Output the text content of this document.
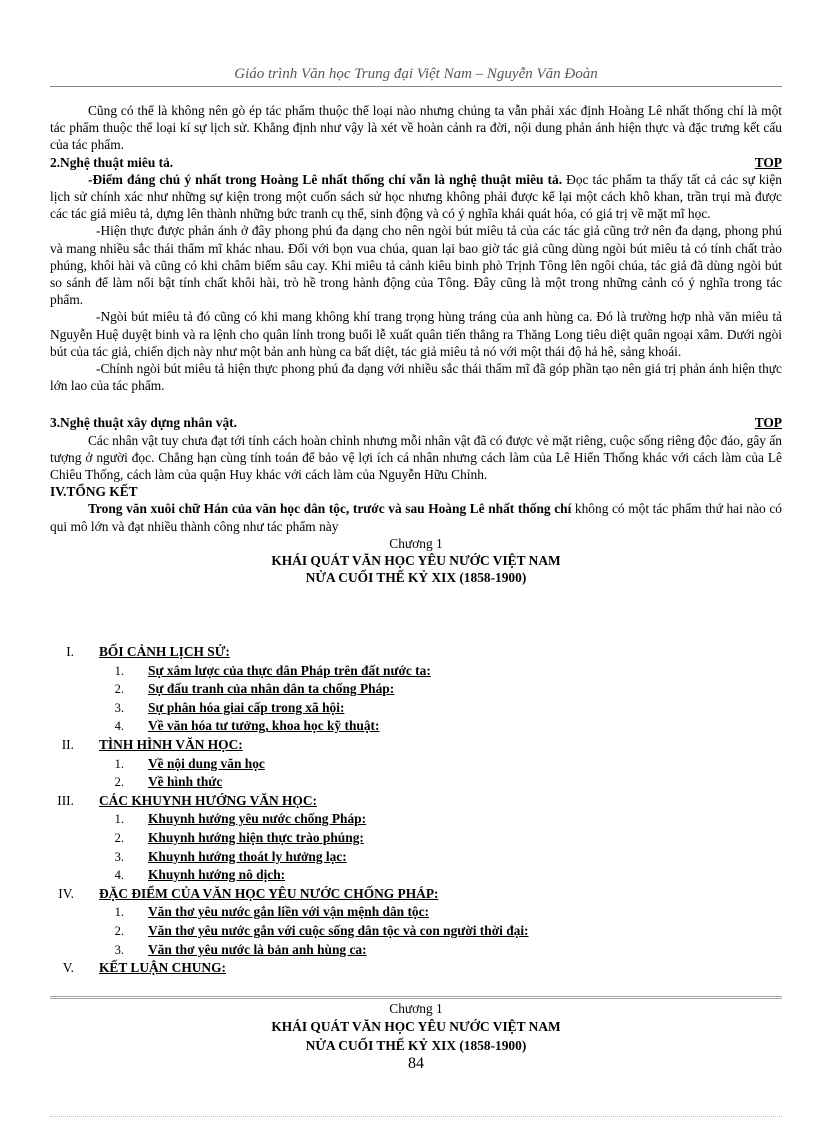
Giáo trình Văn học Trung đại Việt Nam – Nguyễn Văn Đoàn

Cũng có thể là không nên gò ép tác phẩm thuộc thể loại nào nhưng chúng ta vẫn phải xác định Hoàng Lê nhất thống chí là một tác phẩm thuộc thể loại kí sự lịch sử. Khẳng định như vậy là xét về hoàn cảnh ra đời, nội dung phản ánh hiện thực và đặc trưng kết cấu của tác phẩm.

2.Nghệ thuật miêu tả.	TOP

-Điểm đáng chú ý nhất trong Hoàng Lê nhất thống chí vẫn là nghệ thuật miêu tả. Đọc tác phẩm ta thấy tất cả các sự kiện lịch sử chính xác như những sự kiện trong một cuốn sách sử học nhưng không phải được kể lại một cách khô khan, trần trụi mà được các tác giả miêu tả, dựng lên thành những bức tranh cụ thể, sinh động và có ý nghĩa khái quát hóa, có giá trị về mặt mĩ học.

-Hiện thực được phản ánh ở đây phong phú đa dạng cho nên ngòi bút miêu tả của các tác giả cũng trở nên đa dạng, phong phú và mang nhiều sắc thái thẩm mĩ khác nhau. Đối với bọn vua chúa, quan lại bao giờ tác giả cũng dùng ngòi bút miêu tả có tính chất trào phúng, khôi hài và cũng có khi châm biếm sâu cay. Khi miêu tả cảnh kiêu binh phò Trịnh Tông lên ngôi chúa, tác giả đã dùng ngòi bút so sánh để làm nổi bật tính chất khôi hài, trò hề trong hành động của Tông. Đây cũng là một trong những cảnh có ý nghĩa trong tác phẩm.

-Ngòi bút miêu tả đó cũng có khi mang không khí trang trọng hùng tráng của anh hùng ca. Đó là trường hợp nhà văn miêu tả Nguyễn Huệ duyệt binh và ra lệnh cho quân lính trong buổi lễ xuất quân tiến thẳng ra Thăng Long tiêu diệt quân ngoại xâm. Dưới ngòi bút của tác giả, chiến dịch này như một bản anh hùng ca bất diệt, tác giả miêu tả nó với một thái độ hả hê, sảng khoái.

-Chính ngòi bút miêu tả hiện thực phong phú đa dạng với nhiều sắc thái thẩm mĩ đã góp phần tạo nên giá trị phản ánh hiện thực lớn lao của tác phẩm.

3.Nghệ thuật xây dựng nhân vật.	TOP

Các nhân vật tuy chưa đạt tới tính cách hoàn chỉnh nhưng mỗi nhân vật đã có được vẻ mặt riêng, cuộc sống riêng độc đáo, gây ấn tượng ở người đọc. Chẳng hạn cùng tính toán để bảo vệ lợi ích cá nhân nhưng cách làm của Lê Hiển Thống khác với cách làm của Lê Chiêu Thống, cách làm của quận Huy khác với cách làm của Nguyễn Hữu Chỉnh.

IV.TỔNG KẾT

Trong văn xuôi chữ Hán của văn học dân tộc, trước và sau Hoàng Lê nhất thống chí không có một tác phẩm thứ hai nào có qui mô lớn và đạt nhiều thành công như tác phẩm này

Chương 1

KHÁI QUÁT VĂN HỌC YÊU NƯỚC VIỆT NAM

NỬA CUỐI THẾ KỶ XIX (1858-1900)

I. BỐI CẢNH LỊCH SỬ:
1. Sự xâm lược của thực dân Pháp trên đất nước ta:
2. Sự đấu tranh của nhân dân ta chống Pháp:
3. Sự phân hóa giai cấp trong xã hội:
4. Về văn hóa tư tưởng, khoa học kỹ thuật:
II. TÌNH HÌNH VĂN HỌC:
1. Về nội dung văn học
2. Về hình thức
III. CÁC KHUYNH HƯỚNG VĂN HỌC:
1. Khuynh hướng yêu nước chống Pháp:
2. Khuynh hướng hiện thực trào phúng:
3. Khuynh hướng thoát ly hưởng lạc:
4. Khuynh hướng nô dịch:
IV. ĐẶC ĐIỂM CỦA VĂN HỌC YÊU NƯỚC CHỐNG PHÁP:
1. Văn thơ yêu nước gắn liền với vận mệnh dân tộc:
2. Văn thơ yêu nước gắn với cuộc sống dân tộc và con người thời đại:
3. Văn thơ yêu nước là bản anh hùng ca:
V. KẾT LUẬN CHUNG:
Chương 1
KHÁI QUÁT VĂN HỌC YÊU NƯỚC VIỆT NAM
NỬA CUỐI THẾ KỶ XIX (1858-1900)
84
